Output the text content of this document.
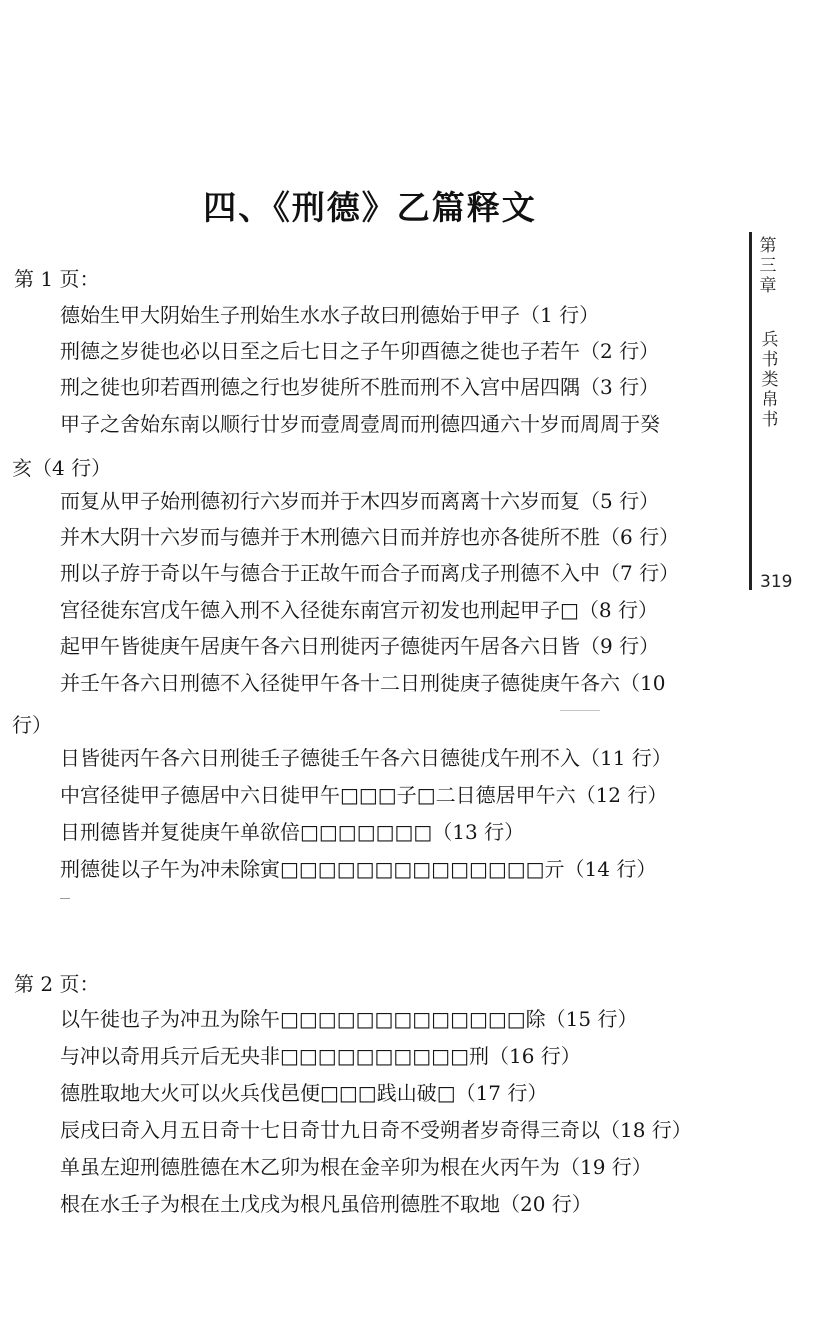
四、《刑德》乙篇释文
第三章
兵书类帛书
319
第 1 页：
德始生甲大阴始生子刑始生水水子故曰刑德始于甲子（1 行）
刑德之岁徙也必以日至之后七日之子午卯酉德之徙也子若午（2 行）
刑之徙也卯若酉刑德之行也岁徙所不胜而刑不入宫中居四隅（3 行）
甲子之舍始东南以顺行廿岁而壹周壹周而刑德四通六十岁而周周于癸
亥（4 行）
而复从甲子始刑德初行六岁而并于木四岁而离离十六岁而复（5 行）
并木大阴十六岁而与德并于木刑德六日而并斿也亦各徙所不胜（6 行）
刑以子斿于奇以午与德合于正故午而合子而离戊子刑德不入中（7 行）
宫径徙东宫戊午德入刑不入径徙东南宫亓初发也刑起甲子□（8 行）
起甲午皆徙庚午居庚午各六日刑徙丙子德徙丙午居各六日皆（9 行）
并壬午各六日刑德不入径徙甲午各十二日刑徙庚子德徙庚午各六（10
行）
日皆徙丙午各六日刑徙壬子德徙壬午各六日德徙戊午刑不入（11 行）
中宫径徙甲子德居中六日徙甲午□□□子□二日德居甲午六（12 行）
日刑德皆并复徙庚午单欲倍□□□□□□□（13 行）
刑德徙以子午为冲未除寅□□□□□□□□□□□□□□亓（14 行）
第 2 页：
以午徙也子为冲丑为除午□□□□□□□□□□□□□除（15 行）
与冲以奇用兵亓后无央非□□□□□□□□□□刑（16 行）
德胜取地大火可以火兵伐邑便□□□践山破□（17 行）
辰戌曰奇入月五日奇十七日奇廿九日奇不受朔者岁奇得三奇以（18 行）
单虽左迎刑德胜德在木乙卯为根在金辛卯为根在火丙午为（19 行）
根在水壬子为根在土戊戌为根凡虽倍刑德胜不取地（20 行）
